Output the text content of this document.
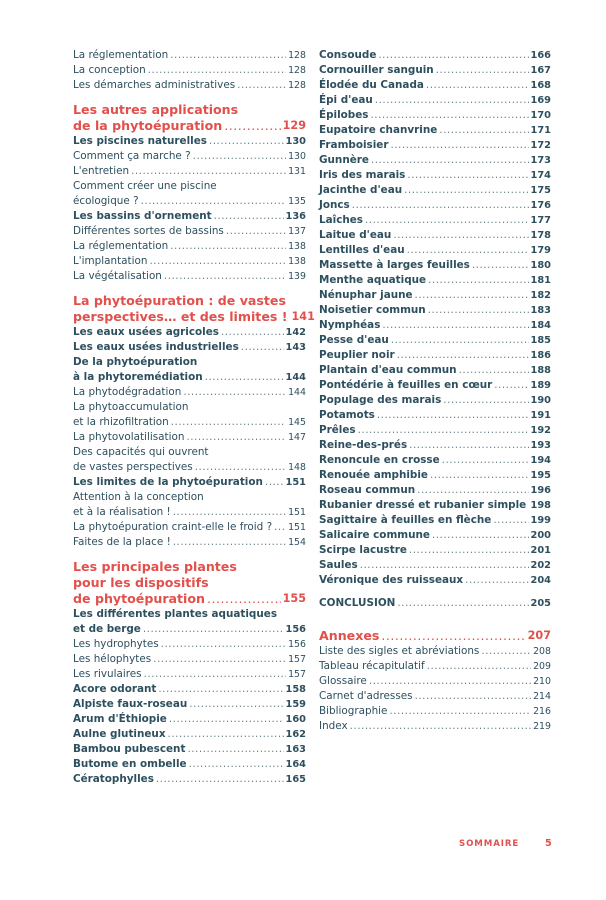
La réglementation .....	128
La conception .....	128
Les démarches administratives .....	128
Les autres applications
de la phytoépuration .....	129
Les piscines naturelles .....	130
Comment ça marche ? .....	130
L'entretien .....	131
Comment créer une piscine
écologique ? .....	135
Les bassins d'ornement .....	136
Différentes sortes de bassins .....	137
La réglementation .....	138
L'implantation .....	138
La végétalisation .....	139
La phytoépuration : de vastes
perspectives… et des limites ! 141
Les eaux usées agricoles .....	142
Les eaux usées industrielles .....	143
De la phytoépuration
à la phytoremédiation .....	144
La phytodégradation .....	144
La phytoaccumulation
et la rhizofiltration .....	145
La phytovolatilisation .....	147
Des capacités qui ouvrent
de vastes perspectives .....	148
Les limites de la phytoépuration ..... 151
Attention à la conception
et à la réalisation ! .....	151
La phytoépuration craint-elle le froid ? ..... 151
Faites de la place ! .....	154
Les principales plantes
pour les dispositifs
de phytoépuration .....	155
Les différentes plantes aquatiques
et de berge .....	156
Les hydrophytes .....	156
Les hélophytes .....	157
Les rivulaires .....	157
Acore odorant .....	158
Alpiste faux-roseau .....	159
Arum d'Éthiopie .....	160
Aulne glutineux .....	162
Bambou pubescent .....	163
Butome en ombelle .....	164
Cératophylles .....	165
Consoude .....	166
Cornouiller sanguin .....	167
Élodée du Canada .....	168
Épi d'eau .....	169
Épilobes .....	170
Eupatoire chanvrine .....	171
Framboisier .....	172
Gunnère .....	173
Iris des marais .....	174
Jacinthe d'eau .....	175
Joncs .....	176
Laîches .....	177
Laitue d'eau .....	178
Lentilles d'eau .....	179
Massette à larges feuilles .....	180
Menthe aquatique .....	181
Nénuphar jaune .....	182
Noisetier commun .....	183
Nymphéas .....	184
Pesse d'eau .....	185
Peuplier noir .....	186
Plantain d'eau commun .....	188
Pontédérie à feuilles en cœur .....	189
Populage des marais .....	190
Potamots .....	191
Prêles .....	192
Reine-des-prés .....	193
Renoncule en crosse .....	194
Renouée amphibie .....	195
Roseau commun .....	196
Rubanier dressé et rubanier simple ..... 198
Sagittaire à feuilles en flèche .....	199
Salicaire commune .....	200
Scirpe lacustre .....	201
Saules .....	202
Véronique des ruisseaux .....	204
CONCLUSION .....	205
Annexes .....	207
Liste des sigles et abréviations .....	208
Tableau récapitulatif .....	209
Glossaire .....	210
Carnet d'adresses .....	214
Bibliographie .....	216
Index .....	219
SOMMAIRE	5
